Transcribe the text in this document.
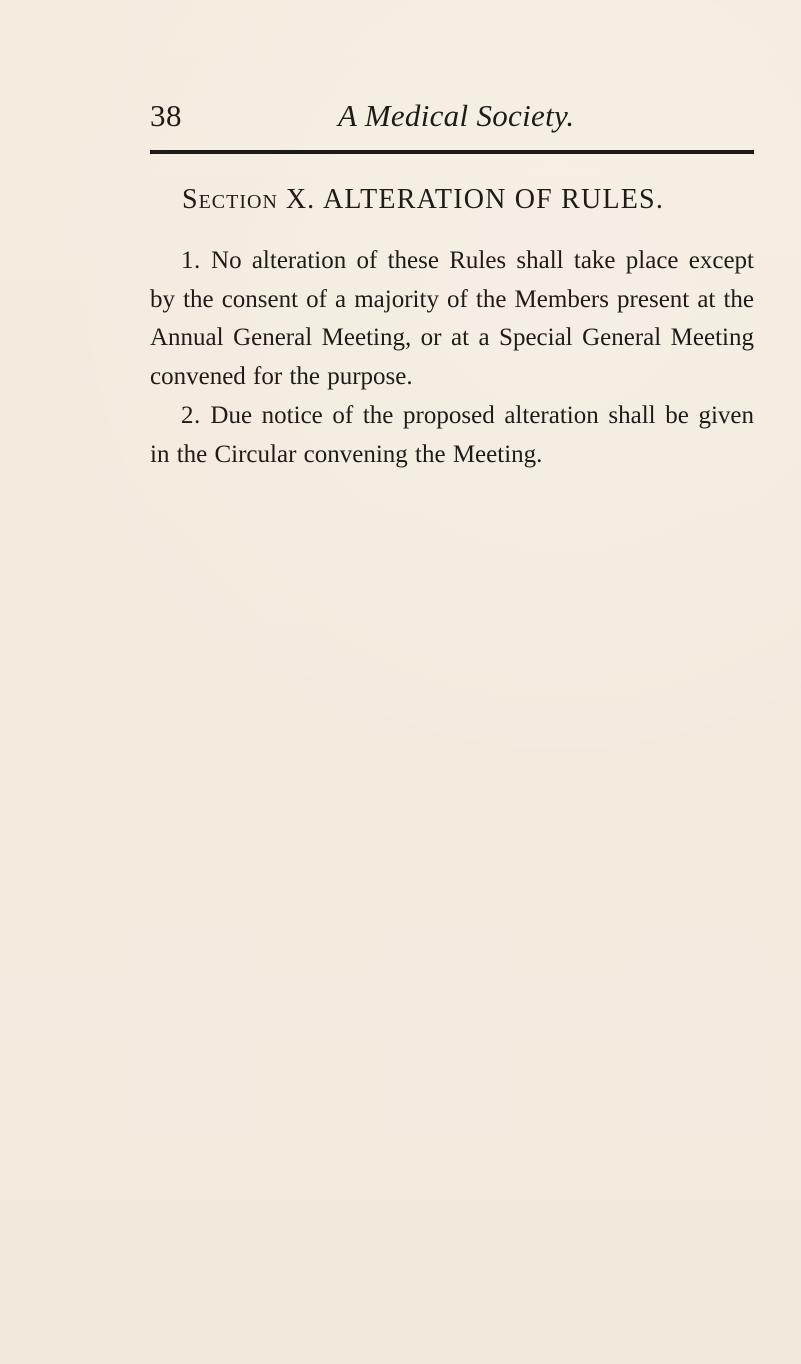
38	A Medical Society.
Section X. ALTERATION OF RULES.

1. No alteration of these Rules shall take place except by the consent of a majority of the Members present at the Annual General Meeting, or at a Special General Meeting convened for the purpose.

2. Due notice of the proposed alteration shall be given in the Circular convening the Meeting.
